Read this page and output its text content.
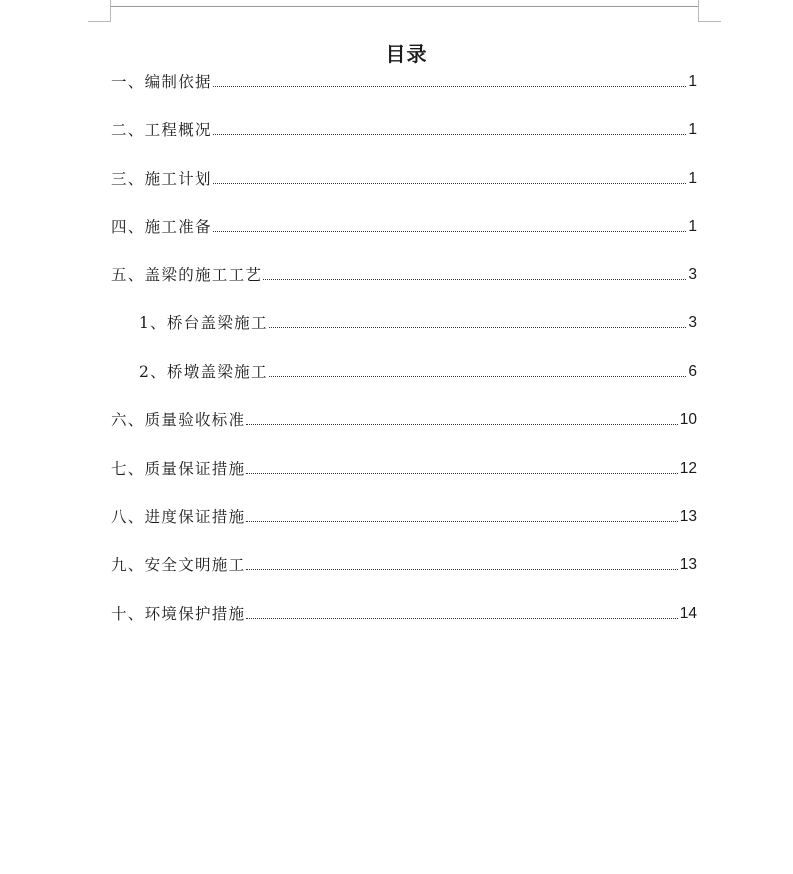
目录
一、编制依据	1
二、工程概况	1
三、施工计划	1
四、施工准备	1
五、盖梁的施工工艺	3
1、桥台盖梁施工	3
2、桥墩盖梁施工	6
六、质量验收标准	10
七、质量保证措施	12
八、进度保证措施	13
九、安全文明施工	13
十、环境保护措施	14
